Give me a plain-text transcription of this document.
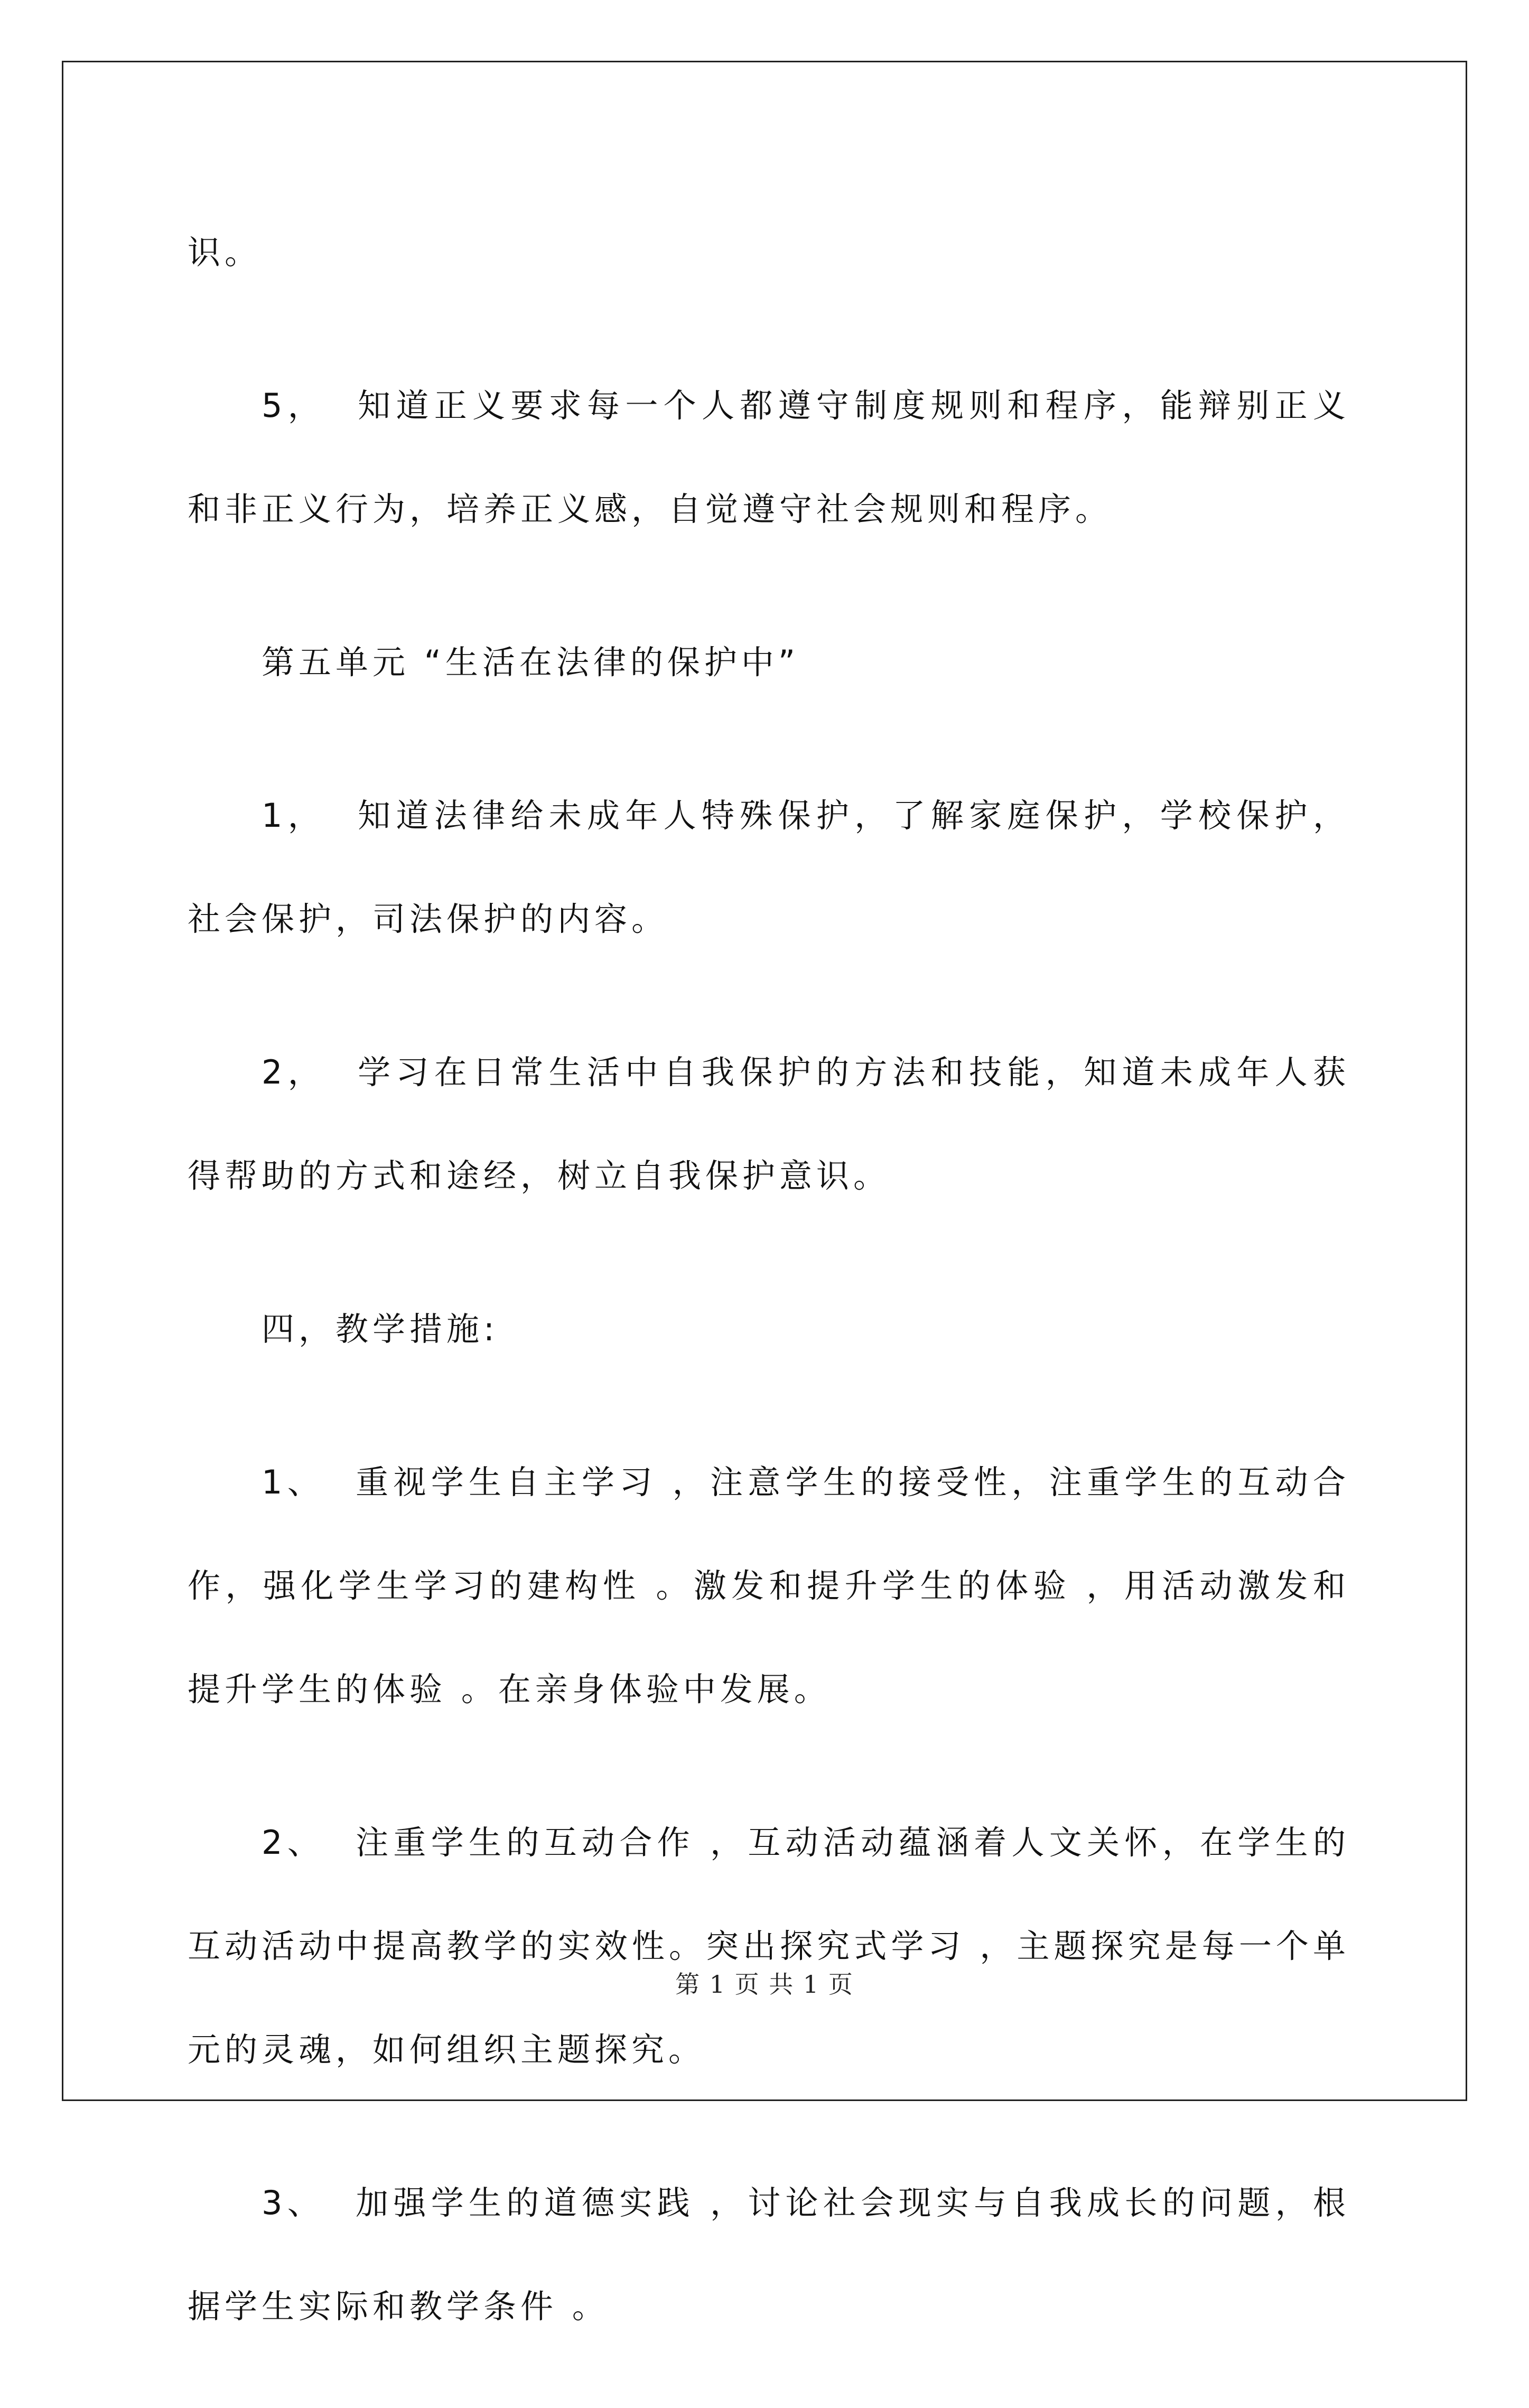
识。

5，  知道正义要求每一个人都遵守制度规则和程序，能辩别正义和非正义行为，培养正义感，自觉遵守社会规则和程序。

第五单元 “生活在法律的保护中”

1，  知道法律给未成年人特殊保护，了解家庭保护，学校保护，社会保护，司法保护的内容。

2，  学习在日常生活中自我保护的方法和技能，知道未成年人获得帮助的方式和途经，树立自我保护意识。

四，教学措施:

1、  重视学生自主学习 ，注意学生的接受性，注重学生的互动合作，强化学生学习的建构性 。激发和提升学生的体验 ，用活动激发和提升学生的体验 。在亲身体验中发展。

2、  注重学生的互动合作 ，互动活动蕴涵着人文关怀，在学生的互动活动中提高教学的实效性。突出探究式学习 ，主题探究是每一个单元的灵魂，如何组织主题探究。

3、  加强学生的道德实践 ，讨论社会现实与自我成长的问题，根据学生实际和教学条件 。

第 1 页 共 1 页
